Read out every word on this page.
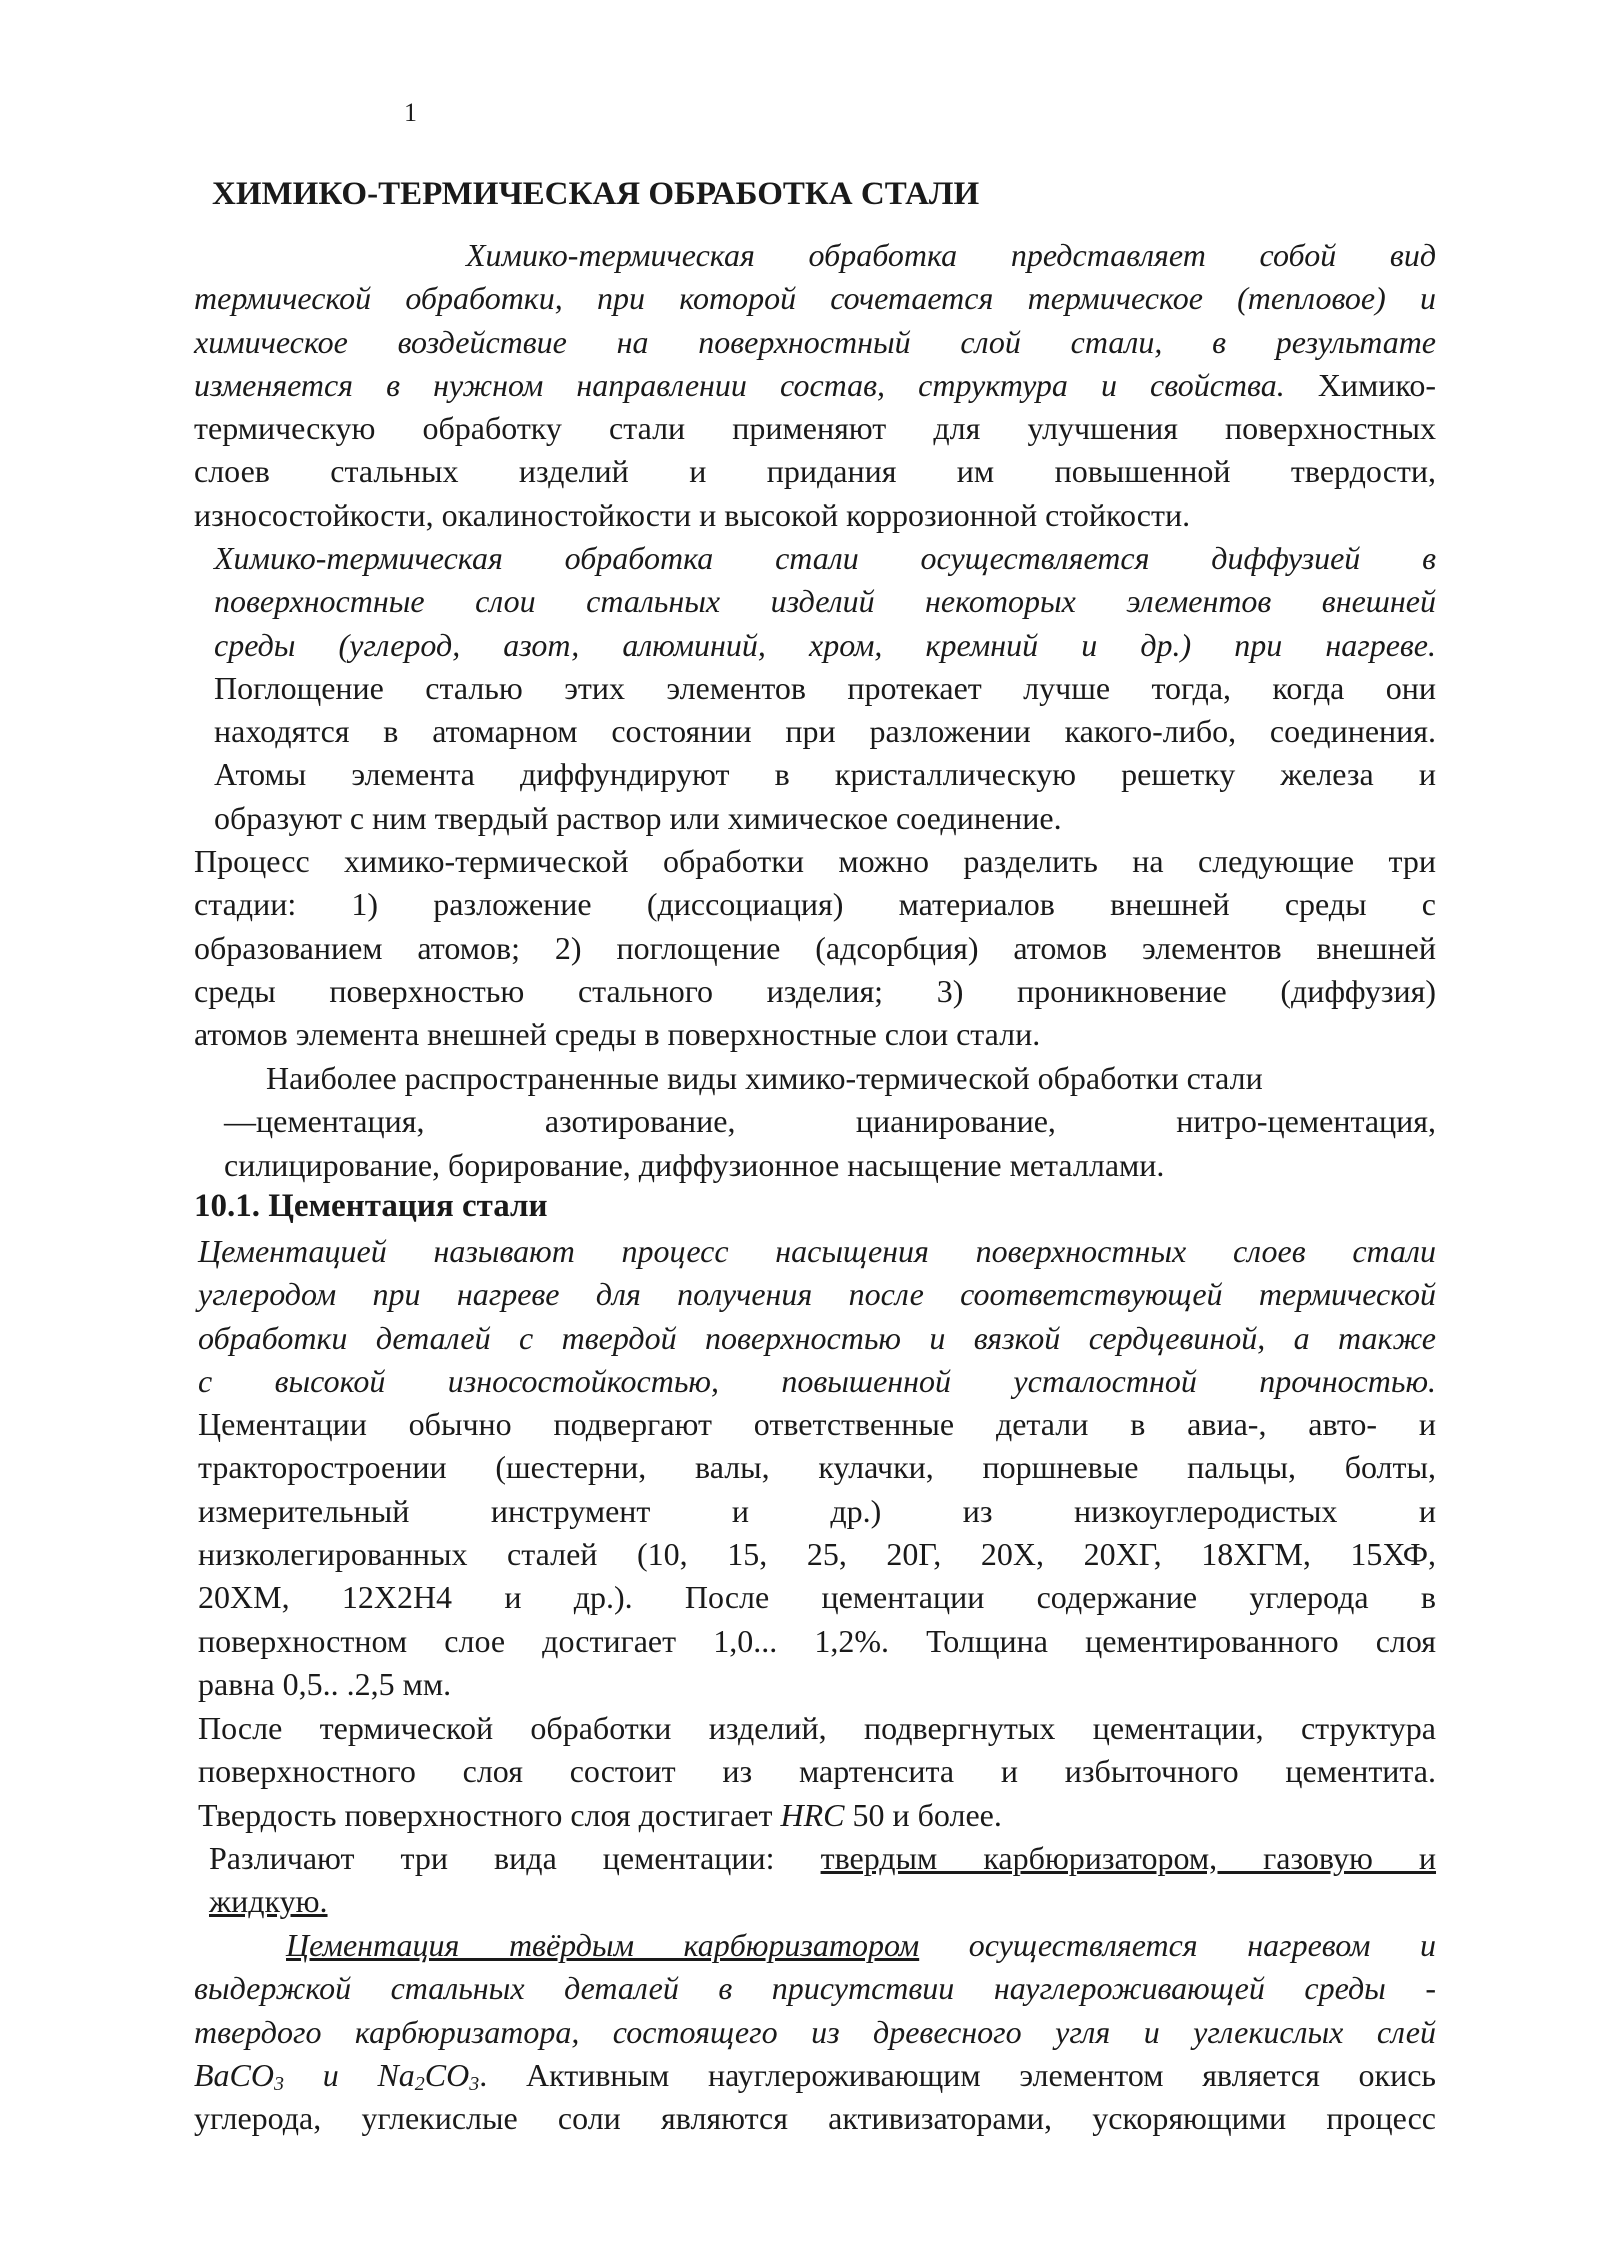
1
ХИМИКО-ТЕРМИЧЕСКАЯ ОБРАБОТКА СТАЛИ
Химико-термическая обработка представляет собой вид
термической обработки, при которой сочетается термическое (тепловое) и
химическое воздействие на поверхностный слой стали, в результате
изменяется в нужном направлении состав, структура и свойства. Химико-
термическую обработку стали применяют для улучшения поверхностных
слоев стальных изделий и придания им повышенной твердости,
износостойкости, окалиностойкости и высокой коррозионной стойкости.
Химико-термическая обработка стали осуществляется диффузией в
поверхностные слои стальных изделий некоторых элементов внешней
среды (углерод, азот, алюминий, хром, кремний и др.) при нагреве.
Поглощение сталью этих элементов протекает лучше тогда, когда они
находятся в атомарном состоянии при разложении какого-либо, соединения.
Атомы элемента диффундируют в кристаллическую решетку железа и
образуют с ним твердый раствор или химическое соединение.
Процесс химико-термической обработки можно разделить на следующие три
стадии: 1) разложение (диссоциация) материалов внешней среды с
образованием атомов; 2) поглощение (адсорбция) атомов элементов внешней
среды поверхностью стального изделия; 3) проникновение (диффузия)
атомов элемента внешней среды в поверхностные слои стали.
Наиболее распространенные виды химико-термической обработки стали
—цементация, азотирование, цианирование, нитро-цементация,
силицирование, борирование, диффузионное насыщение металлами.
10.1. Цементация стали
Цементацией называют процесс насыщения поверхностных слоев стали
углеродом при нагреве для получения после соответствующей термической
обработки деталей с твердой поверхностью и вязкой сердцевиной, а также
с высокой износостойкостью, повышенной усталостной прочностью.
Цементации обычно подвергают ответственные детали в авиа-, авто- и
тракторостроении (шестерни, валы, кулачки, поршневые пальцы, болты,
измерительный инструмент и др.) из низкоуглеродистых и
низколегированных сталей (10, 15, 25, 20Г, 20Х, 20ХГ, 18ХГМ, 15ХФ,
20ХМ, 12Х2Н4 и др.). После цементации содержание углерода в
поверхностном слое достигает 1,0... 1,2%. Толщина цементированного слоя
равна 0,5.. .2,5 мм.
После термической обработки изделий, подвергнутых цементации, структура
поверхностного слоя состоит из мартенсита и избыточного цементита.
Твердость поверхностного слоя достигает HRC 50 и более.
Различают три вида цементации: твердым карбюризатором, газовую и
жидкую.
Цементация твёрдым карбюризатором осуществляется нагревом и
выдержкой стальных деталей в присутствии науглероживающей среды -
твердого карбюризатора, состоящего из древесного угля и углекислых слей
BaCO$_3$ и $Na_2CO_3$. Активным науглероживающим элементом является окись
углерода, углекислые соли являются активизаторами, ускоряющими процесс
